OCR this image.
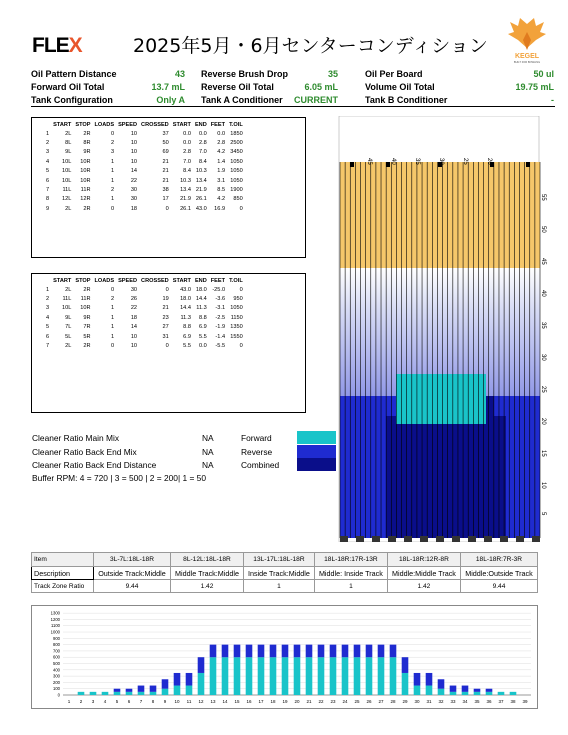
FLEX	2025年5月・6月センターコンディション	KEGEL
BUILT FOR BOWLING
Oil Pattern Distance	43 Reverse Brush Drop	35	Oil Per Board	50 ul
Forward Oil Total	13.7 mL Reverse Oil Total	6.05 mL	Volume Oil Total	19.75 mL
Tank Configuration	Only A Tank A Conditioner	CURRENT	Tank B Conditioner	-
	START	STOP	LOADS	SPEED	CROSSED	START	END	FEET	T.OIL
1	2L	2R	0	10	37	0.0	0.0	0.0	1850
2	8L	8R	2	10	50	0.0	2.8	2.8	2500
3	9L	9R	3	10	69	2.8	7.0	4.2	3450
4	10L	10R	1	10	21	7.0	8.4	1.4	1050
5	10L	10R	1	14	21	8.4	10.3	1.9	1050
6	10L	10R	1	22	21	10.3	13.4	3.1	1050
7	11L	11R	2	30	38	13.4	21.9	8.5	1900
8	12L	12R	1	30	17	21.9	26.1	4.2	850
9	2L	2R	0	18	0	26.1	43.0	16.9	0
	START	STOP	LOADS	SPEED	CROSSED	START	END	FEET	T.OIL
1	2L	2R	0	30	0	43.0	18.0	-25.0	0
2	11L	11R	2	26	19	18.0	14.4	-3.6	950
3	10L	10R	1	22	21	14.4	11.3	-3.1	1050
4	9L	9R	1	18	23	11.3	8.8	-2.5	1150
5	7L	7R	1	14	27	8.8	6.9	-1.9	1350
6	5L	5R	1	10	31	6.9	5.5	-1.4	1550
7	2L	2R	0	10	0	5.5	0.0	-5.5	0
Cleaner Ratio Main Mix	NA
Cleaner Ratio Back End Mix	NA
Cleaner Ratio Back End Distance	NA
Buffer RPM: 4 = 720 | 3 = 500 | 2 = 200| 1 = 50
Forward
Reverse
Combined
45	40	35	30	25	20
55
50
45
40
35
30
25
20
15
10
5
Item	3L-7L:18L-18R	8L-12L:18L-18R	13L-17L:18L-18R	18L-18R:17R-13R	18L-18R:12R-8R	18L-18R:7R-3R
Description	Outside Track:Middle	Middle Track:Middle	Inside Track:Middle	Middle: Inside Track	Middle:Middle Track	Middle:Outside Track
Track Zone Ratio	9.44	1.42	1	1	1.42	9.44
0
100
200
300
400
500
600
700
800
900
1000
1100
1200
1300
1 2 3 4 5 6 7 8 9 10 11 12 13 14 15 16 17 18 19 20 21 22 23 24 25 26 27 28 29 30 31 32 33 34 35 36 37 38 39
